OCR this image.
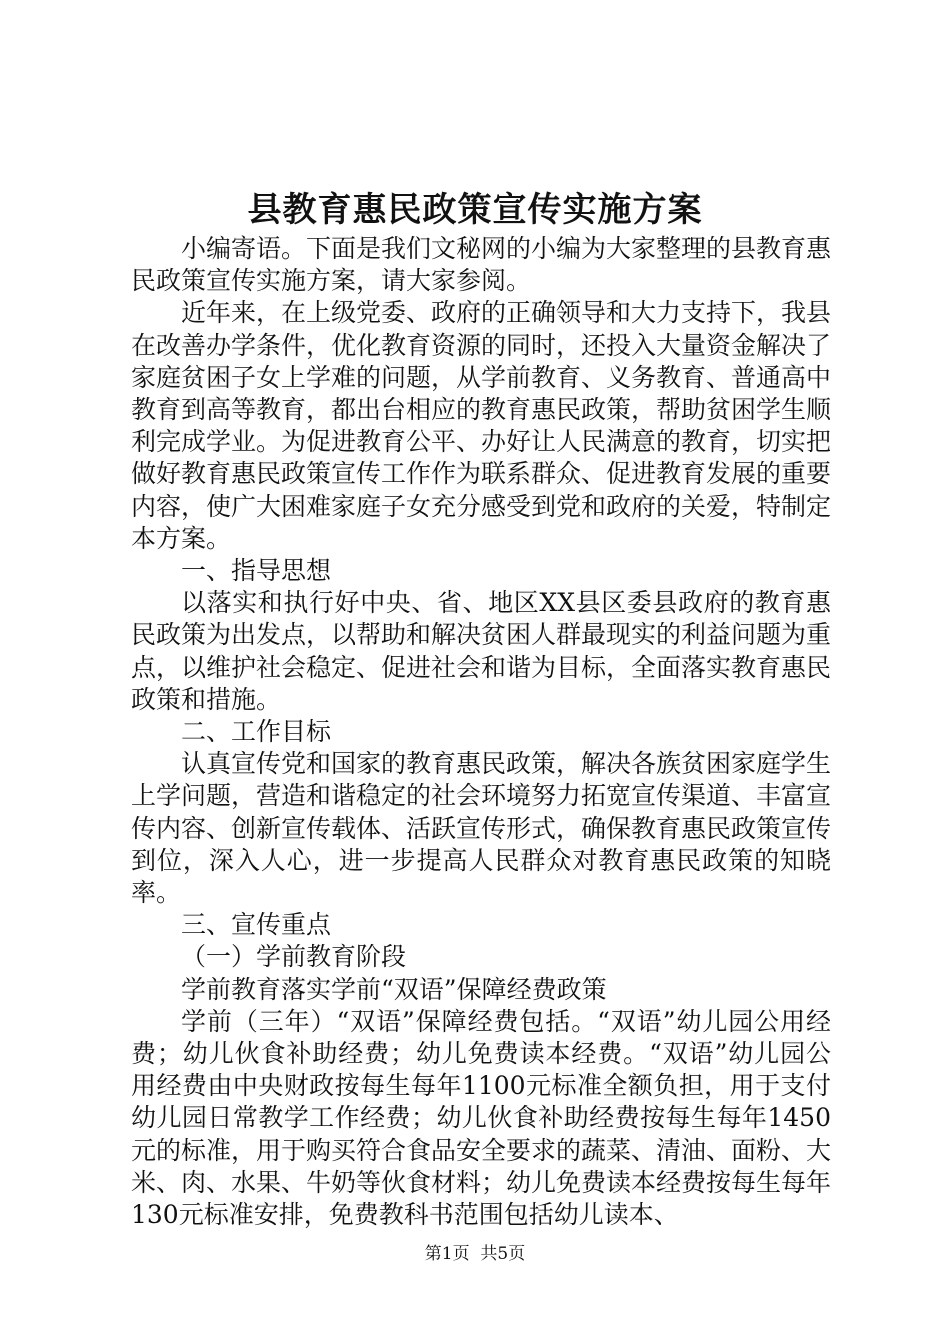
县教育惠民政策宣传实施方案

小编寄语。下面是我们文秘网的小编为大家整理的县教育惠民政策宣传实施方案，请大家参阅。

近年来，在上级党委、政府的正确领导和大力支持下，我县在改善办学条件，优化教育资源的同时，还投入大量资金解决了家庭贫困子女上学难的问题，从学前教育、义务教育、普通高中教育到高等教育，都出台相应的教育惠民政策，帮助贫困学生顺利完成学业。为促进教育公平、办好让人民满意的教育，切实把做好教育惠民政策宣传工作作为联系群众、促进教育发展的重要内容，使广大困难家庭子女充分感受到党和政府的关爱，特制定本方案。

一、指导思想

以落实和执行好中央、省、地区XX县区委县政府的教育惠民政策为出发点，以帮助和解决贫困人群最现实的利益问题为重点，以维护社会稳定、促进社会和谐为目标，全面落实教育惠民政策和措施。

二、工作目标

认真宣传党和国家的教育惠民政策，解决各族贫困家庭学生上学问题，营造和谐稳定的社会环境努力拓宽宣传渠道、丰富宣传内容、创新宣传载体、活跃宣传形式，确保教育惠民政策宣传到位，深入人心，进一步提高人民群众对教育惠民政策的知晓率。

三、宣传重点

（一）学前教育阶段

学前教育落实学前“双语”保障经费政策

学前（三年）“双语”保障经费包括。“双语”幼儿园公用经费；幼儿伙食补助经费；幼儿免费读本经费。“双语”幼儿园公用经费由中央财政按每生每年1100元标准全额负担，用于支付幼儿园日常教学工作经费；幼儿伙食补助经费按每生每年1450元的标准，用于购买符合食品安全要求的蔬菜、清油、面粉、大米、肉、水果、牛奶等伙食材料；幼儿免费读本经费按每生每年130元标准安排，免费教科书范围包括幼儿读本、

第1页 共5页
